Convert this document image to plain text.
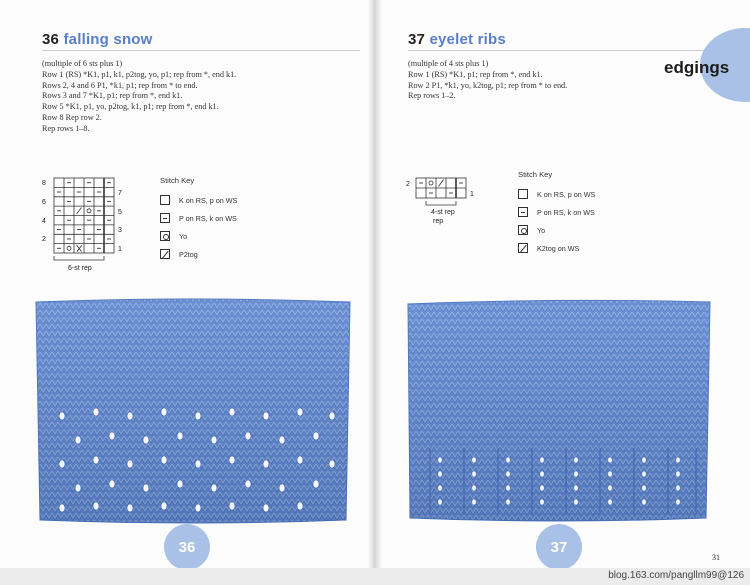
edgings
36 falling snow
(multiple of 6 sts plus 1)
Row 1 (RS) *K1, p1, k1, p2tog, yo, p1; rep from *, end k1.
Rows 2, 4 and 6 P1, *k1, p1; rep from * to end.
Rows 3 and 7 *K1, p1; rep from *, end k1.
Row 5 *K1, p1, yo, p2tog, k1, p1; rep from *, end k1.
Row 8 Rep row 2.
Rep rows 1–8.
8
6
4
2
7
5
3
1
6-st rep
Stitch Key
K on RS, p on WS
P on RS, k on WS
Yo
P2tog
36
37 eyelet ribs
(multiple of 4 sts plus 1)
Row 1 (RS) *K1, p1; rep from *, end k1.
Row 2 P1, *k1, yo, k2tog, p1; rep from * to end.
Rep rows 1–2.
2
1
4-st rep
rep
Stitch Key
K on RS, p on WS
P on RS, k on WS
Yo
K2tog on WS
37
31
blog.163.com/pangllm99@126
